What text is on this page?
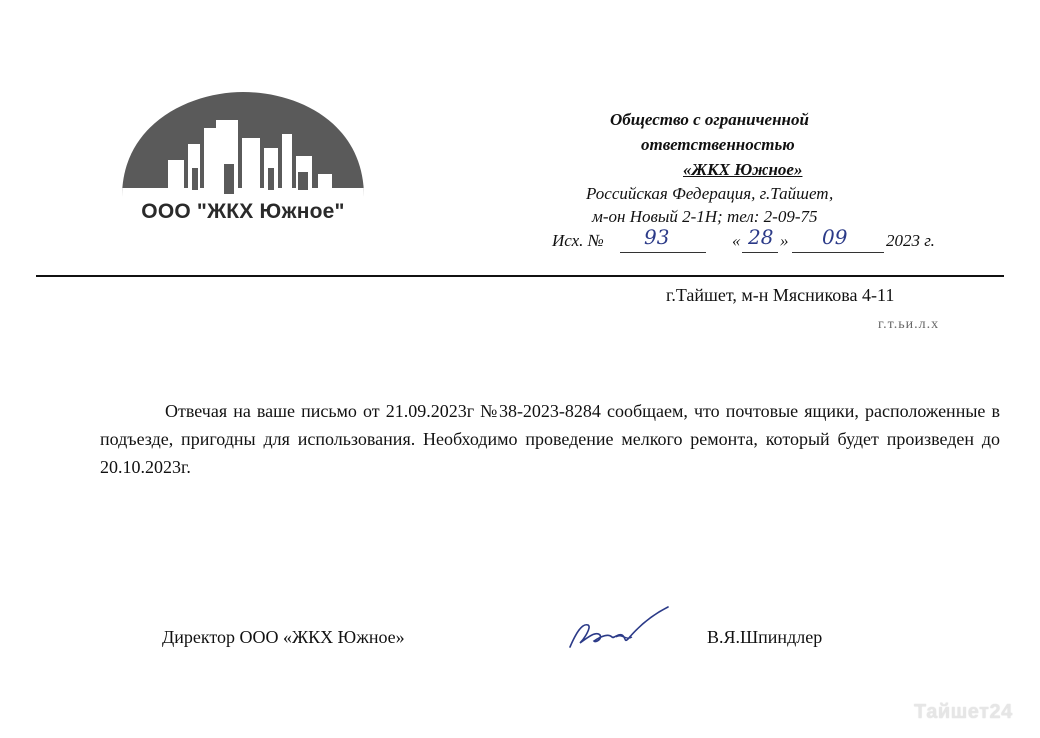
ООО "ЖКХ Южное"
Общество с ограниченной
ответственностью
«ЖКХ Южное»
Российская Федерация, г.Тайшет,
м-он Новый 2-1Н; тел: 2-09-75
Исх. № 93	« 28 » 09 2023 г.
г.Тайшет, м-н Мясникова 4-11
г.т.ьи.л.х
Отвечая на ваше письмо от 21.09.2023г №38-2023-8284 сообщаем, что почтовые ящики, расположенные в подъезде, пригодны для использования. Необходимо проведение мелкого ремонта, который будет произведен до 20.10.2023г.
Директор ООО «ЖКХ Южное»	В.Я.Шпиндлер
Тайшет24
